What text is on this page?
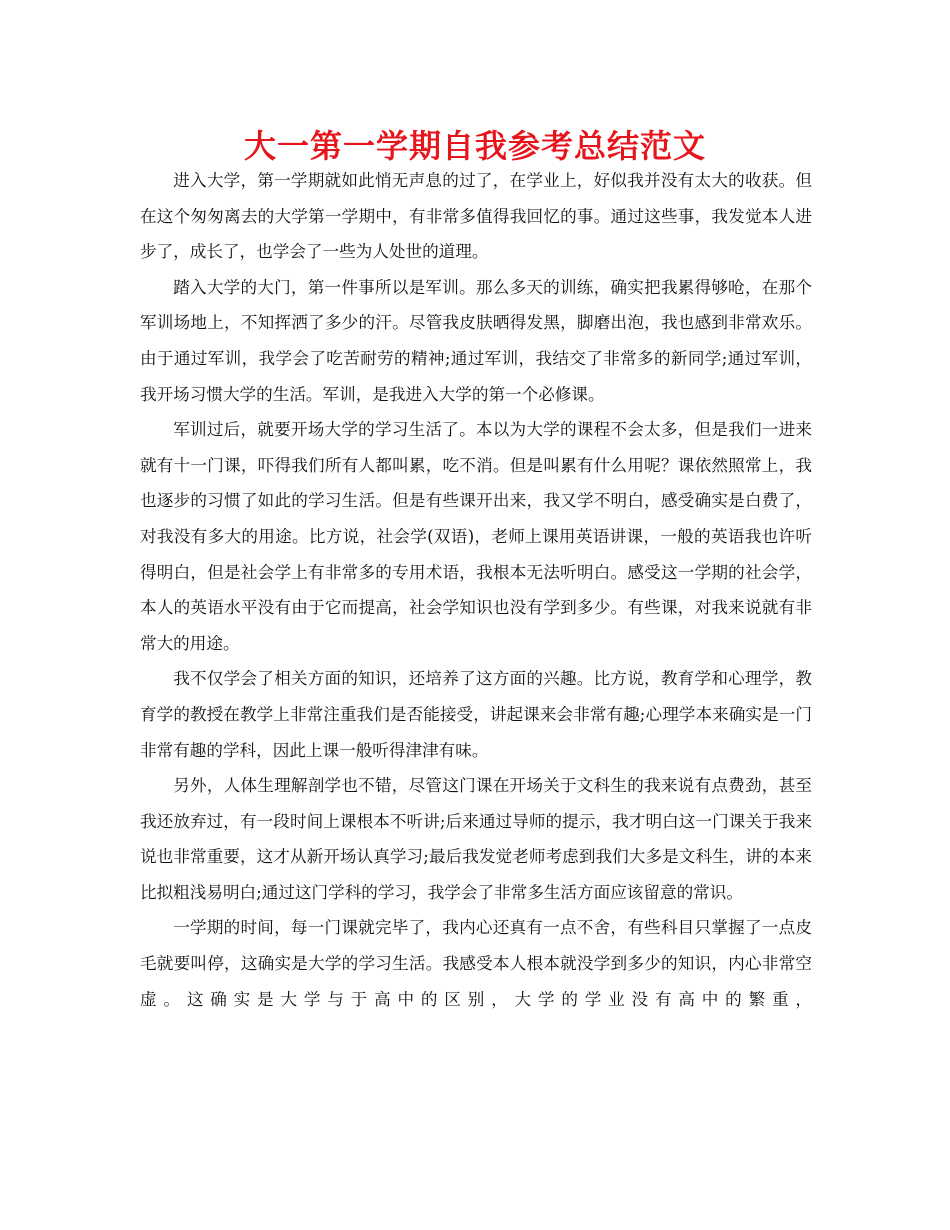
大一第一学期自我参考总结范文

进入大学，第一学期就如此悄无声息的过了，在学业上，好似我并没有太大的收获。但在这个匆匆离去的大学第一学期中，有非常多值得我回忆的事。通过这些事，我发觉本人进步了，成长了，也学会了一些为人处世的道理。

踏入大学的大门，第一件事所以是军训。那么多天的训练，确实把我累得够呛，在那个军训场地上，不知挥洒了多少的汗。尽管我皮肤晒得发黑，脚磨出泡，我也感到非常欢乐。由于通过军训，我学会了吃苦耐劳的精神;通过军训，我结交了非常多的新同学;通过军训，我开场习惯大学的生活。军训，是我进入大学的第一个必修课。

军训过后，就要开场大学的学习生活了。本以为大学的课程不会太多，但是我们一进来就有十一门课，吓得我们所有人都叫累，吃不消。但是叫累有什么用呢？课依然照常上，我也逐步的习惯了如此的学习生活。但是有些课开出来，我又学不明白，感受确实是白费了，对我没有多大的用途。比方说，社会学(双语)，老师上课用英语讲课，一般的英语我也许听得明白，但是社会学上有非常多的专用术语，我根本无法听明白。感受这一学期的社会学，本人的英语水平没有由于它而提高，社会学知识也没有学到多少。有些课，对我来说就有非常大的用途。

我不仅学会了相关方面的知识，还培养了这方面的兴趣。比方说，教育学和心理学，教育学的教授在教学上非常注重我们是否能接受，讲起课来会非常有趣;心理学本来确实是一门非常有趣的学科，因此上课一般听得津津有味。

另外，人体生理解剖学也不错，尽管这门课在开场关于文科生的我来说有点费劲，甚至我还放弃过，有一段时间上课根本不听讲;后来通过导师的提示，我才明白这一门课关于我来说也非常重要，这才从新开场认真学习;最后我发觉老师考虑到我们大多是文科生，讲的本来比拟粗浅易明白;通过这门学科的学习，我学会了非常多生活方面应该留意的常识。

一学期的时间，每一门课就完毕了，我内心还真有一点不舍，有些科目只掌握了一点皮毛就要叫停，这确实是大学的学习生活。我感受本人根本就没学到多少的知识，内心非常空虚。这确实是大学与于高中的区别，大学的学业没有高中的繁重，
